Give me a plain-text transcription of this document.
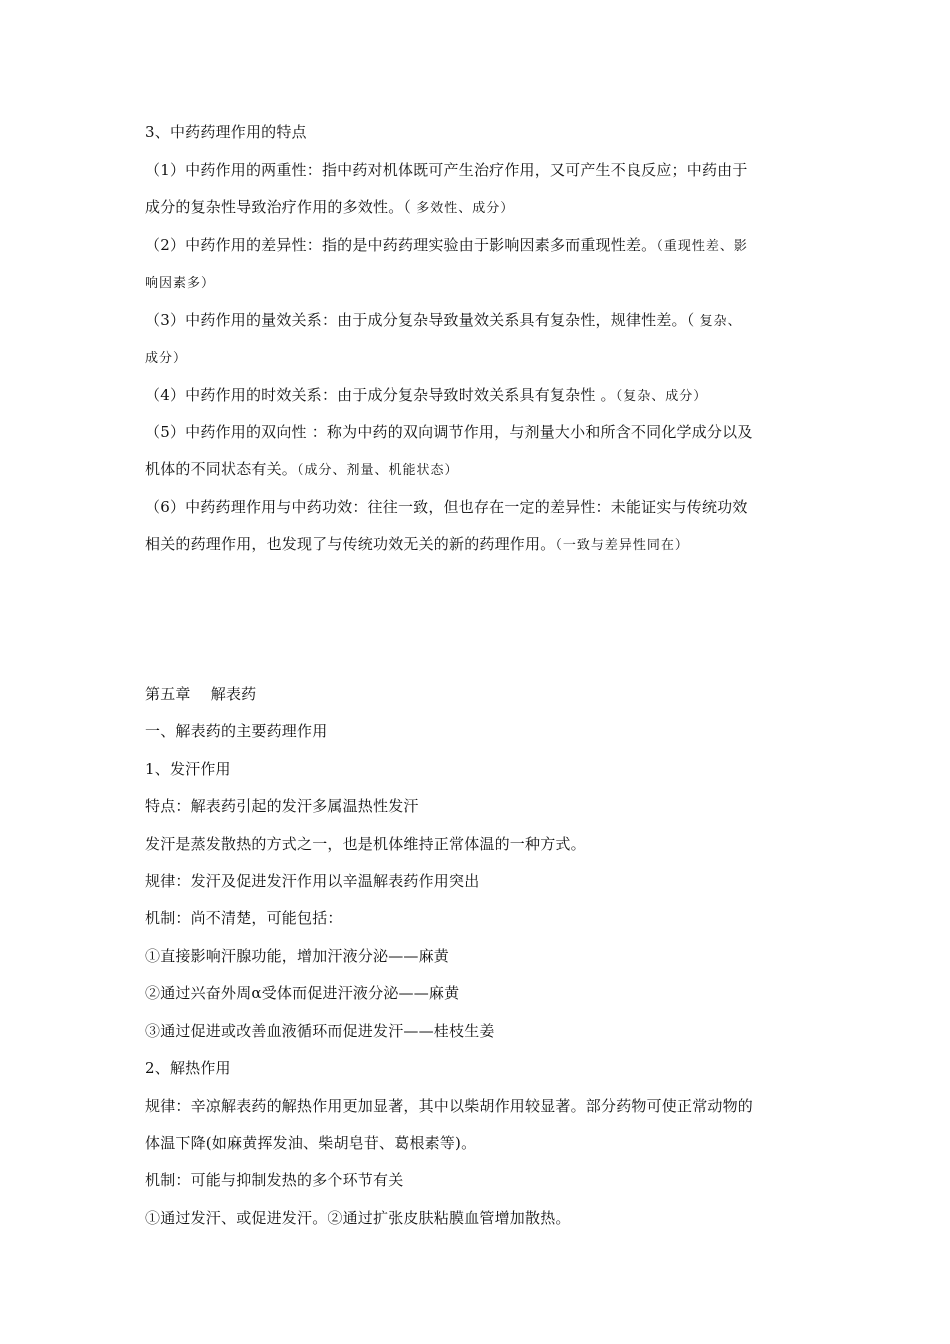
3、中药药理作用的特点
（1）中药作用的两重性：指中药对机体既可产生治疗作用，又可产生不良反应；中药由于
成分的复杂性导致治疗作用的多效性。（ 多效性、成分）
（2）中药作用的差异性：指的是中药药理实验由于影响因素多而重现性差。（重现性差、影
响因素多）
（3）中药作用的量效关系：由于成分复杂导致量效关系具有复杂性，规律性差。（ 复杂、
成分）
（4）中药作用的时效关系：由于成分复杂导致时效关系具有复杂性 。（复杂、成分）
（5）中药作用的双向性 ：称为中药的双向调节作用，与剂量大小和所含不同化学成分以及
机体的不同状态有关。（成分、剂量、机能状态）
（6）中药药理作用与中药功效：往往一致，但也存在一定的差异性：未能证实与传统功效
相关的药理作用，也发现了与传统功效无关的新的药理作用。（一致与差异性同在）
第五章　 解表药
一、解表药的主要药理作用
1、发汗作用
特点：解表药引起的发汗多属温热性发汗
发汗是蒸发散热的方式之一，也是机体维持正常体温的一种方式。
规律：发汗及促进发汗作用以辛温解表药作用突出
机制：尚不清楚，可能包括：
①直接影响汗腺功能，增加汗液分泌——麻黄
②通过兴奋外周α受体而促进汗液分泌——麻黄
③通过促进或改善血液循环而促进发汗——桂枝生姜
2、解热作用
规律：辛凉解表药的解热作用更加显著，其中以柴胡作用较显著。部分药物可使正常动物的
体温下降(如麻黄挥发油、柴胡皂苷、葛根素等)。
机制：可能与抑制发热的多个环节有关
①通过发汗、或促进发汗。②通过扩张皮肤粘膜血管增加散热。
